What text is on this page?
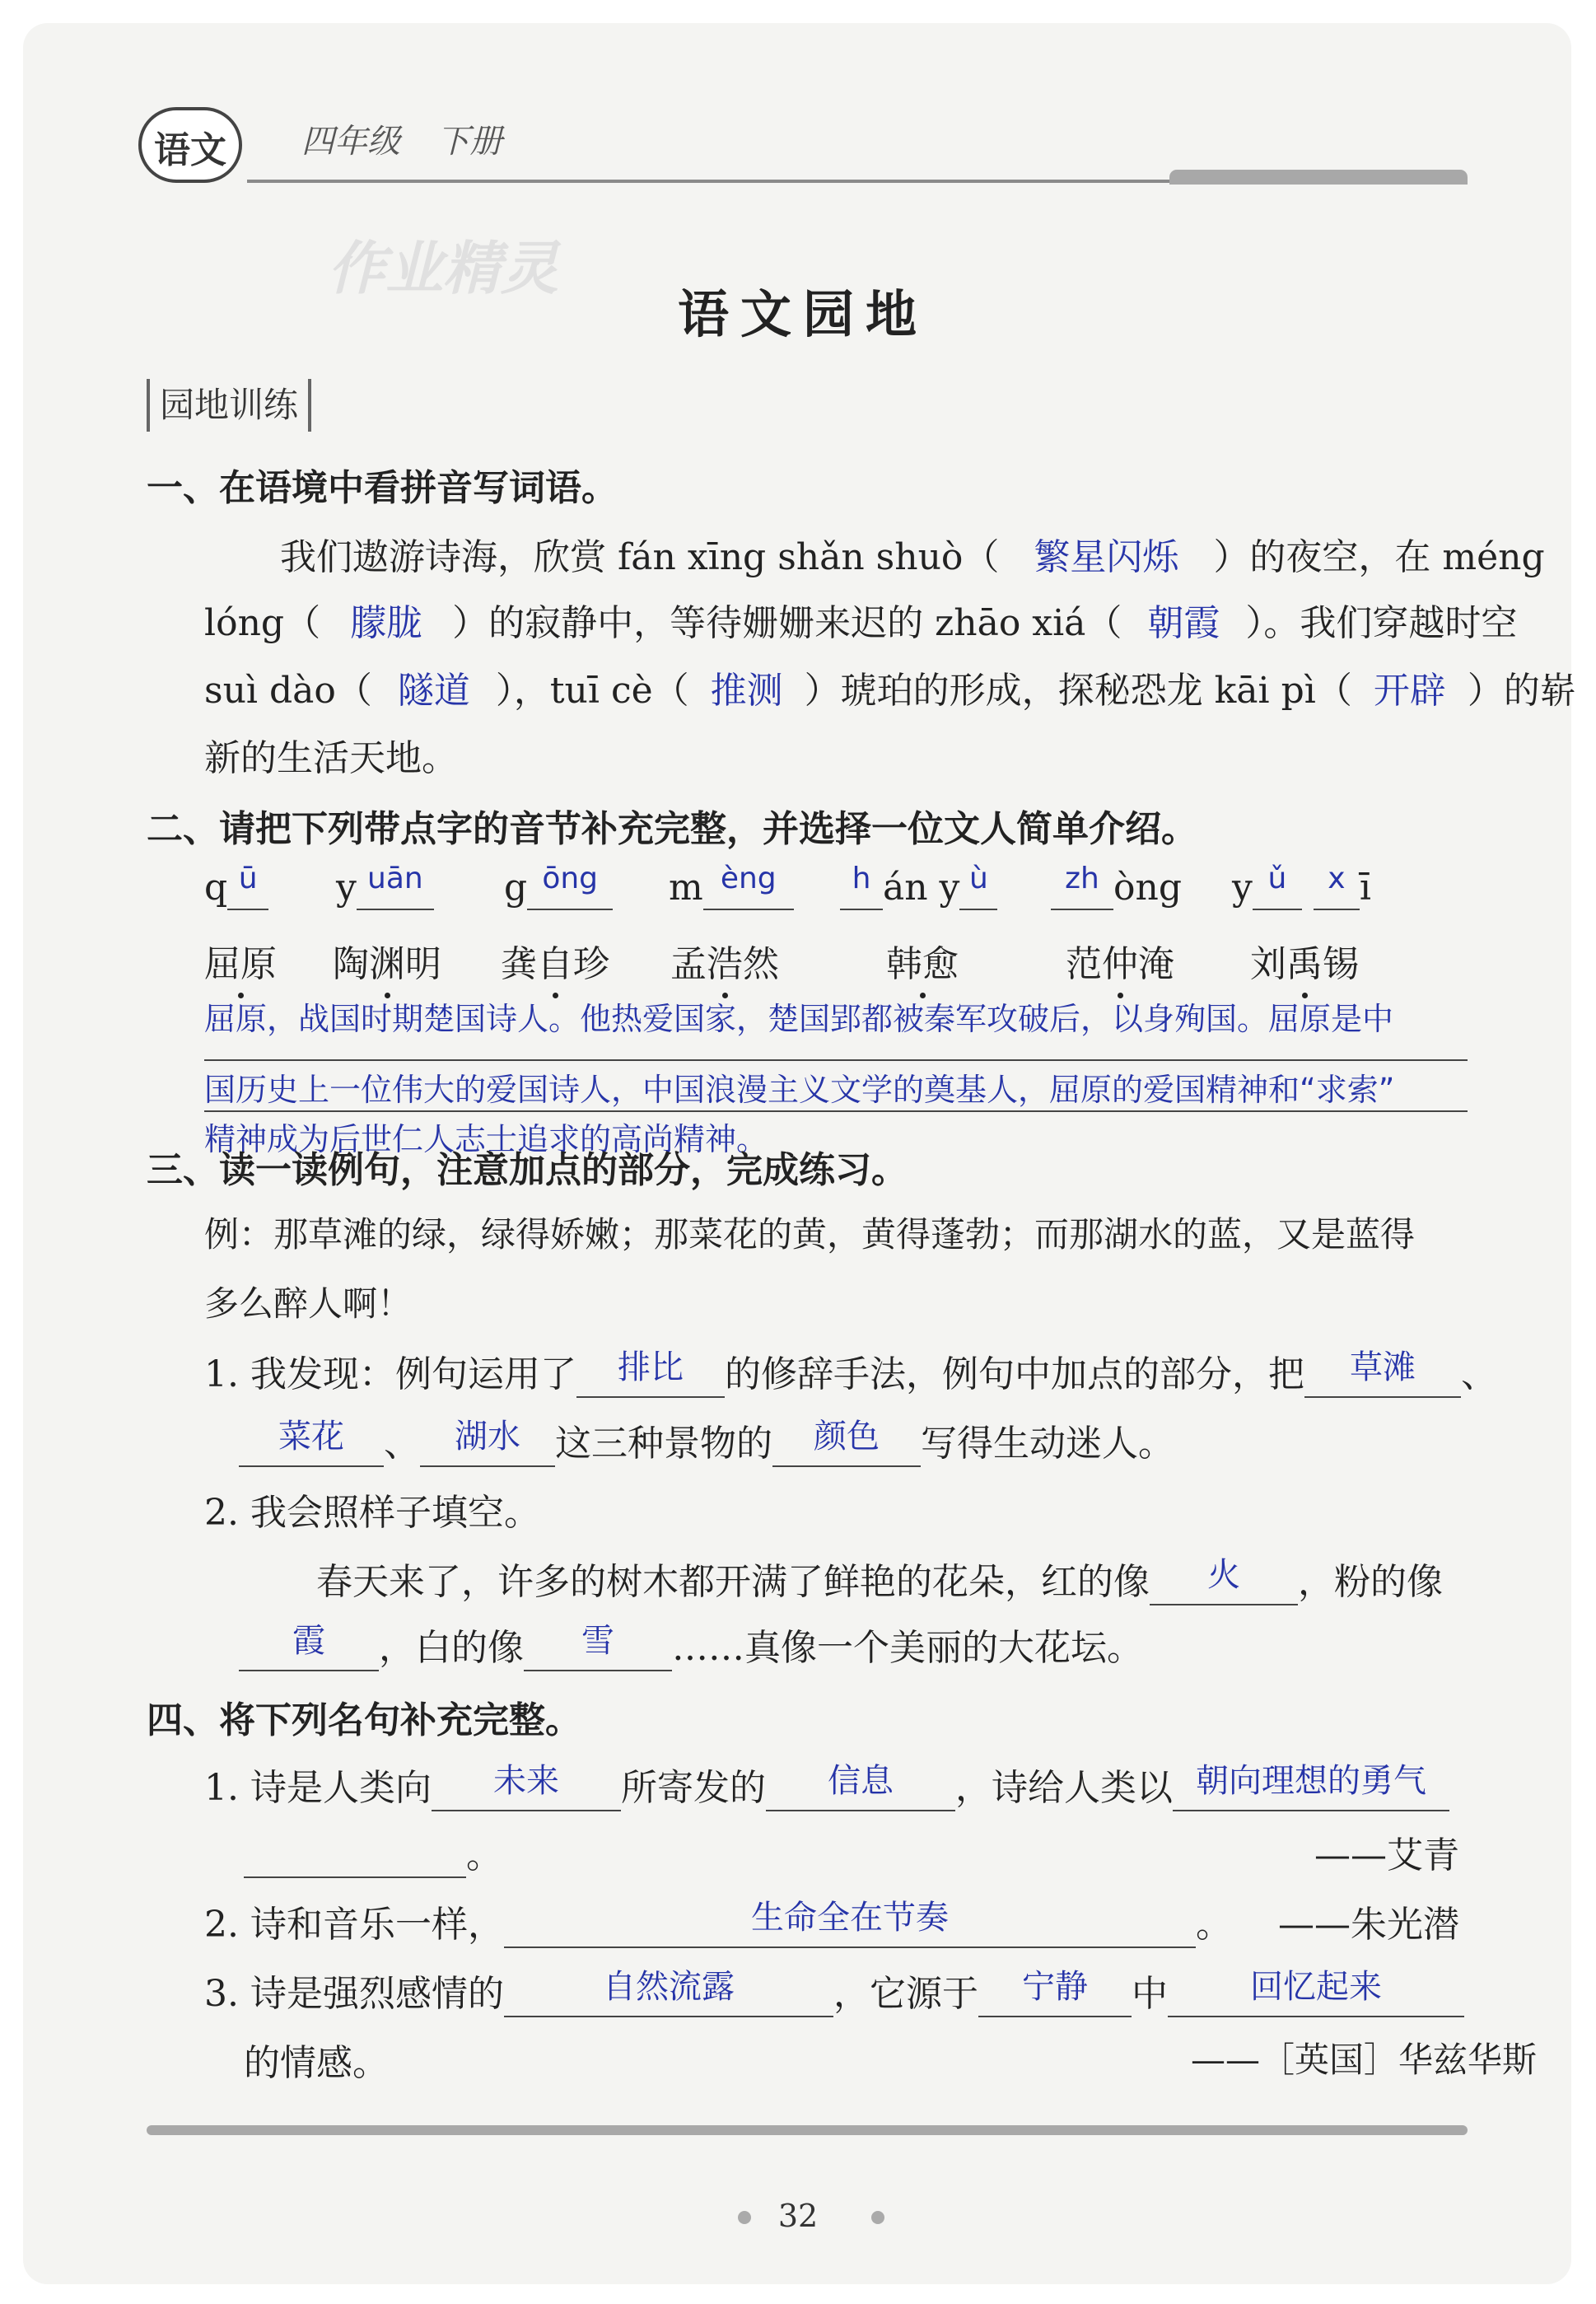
语文	四年级 下册
作业精灵
语文园地
园地训练
一、在语境中看拼音写词语。
我们遨游诗海，欣赏 fán xīng shǎn shuò（ 繁星闪烁 ）的夜空，在 méng
lóng（ 朦胧 ）的寂静中，等待姗姗来迟的 zhāo xiá（ 朝霞 ）。我们穿越时空
suì dào（ 隧道 ），tuī cè（ 推测 ）琥珀的形成，探秘恐龙 kāi pì（ 开辟 ）的崭
新的生活天地。
二、请把下列带点字的音节补充完整，并选择一位文人简单介绍。
q $^ū$	y $^{uān}$ g $^{ōng}$	m $^{èng}$	$^h$ án y $^ù$	$^{zh}$ òng y $^ǔ$ $^x$ ī
屈原 陶渊明 龚自珍 孟浩然	韩愈	范仲淹 刘禹锡
屈原，战国时期楚国诗人。他热爱国家，楚国郢都被秦军攻破后，以身殉国。屈原是中
国历史上一位伟大的爱国诗人，中国浪漫主义文学的奠基人，屈原的爱国精神和“求索”
精神成为后世仁人志士追求的高尚精神。
三、读一读例句，注意加点的部分，完成练习。
例：那草滩的绿，绿得娇嫩；那菜花的黄，黄得蓬勃；而那湖水的蓝，又是蓝得
多么醉人啊！
1. 我发现：例句运用了 排比 的修辞手法，例句中加点的部分，把 草滩 、
菜花 、 湖水 这三种景物的 颜色 写得生动迷人。
2. 我会照样子填空。
春天来了，许多的树木都开满了鲜艳的花朵，红的像 火 ，粉的像
霞 ，白的像 雪 ……真像一个美丽的大花坛。
四、将下列名句补充完整。
1. 诗是人类向 未来 所寄发的 信息 ，诗给人类以 朝向理想的勇气
。	——艾青
2. 诗和音乐一样，	生命全在节奏	。 ——朱光潜
3. 诗是强烈感情的	自然流露	，它源于 宁静 中	回忆起来
的情感。	——［英国］华兹华斯
32
